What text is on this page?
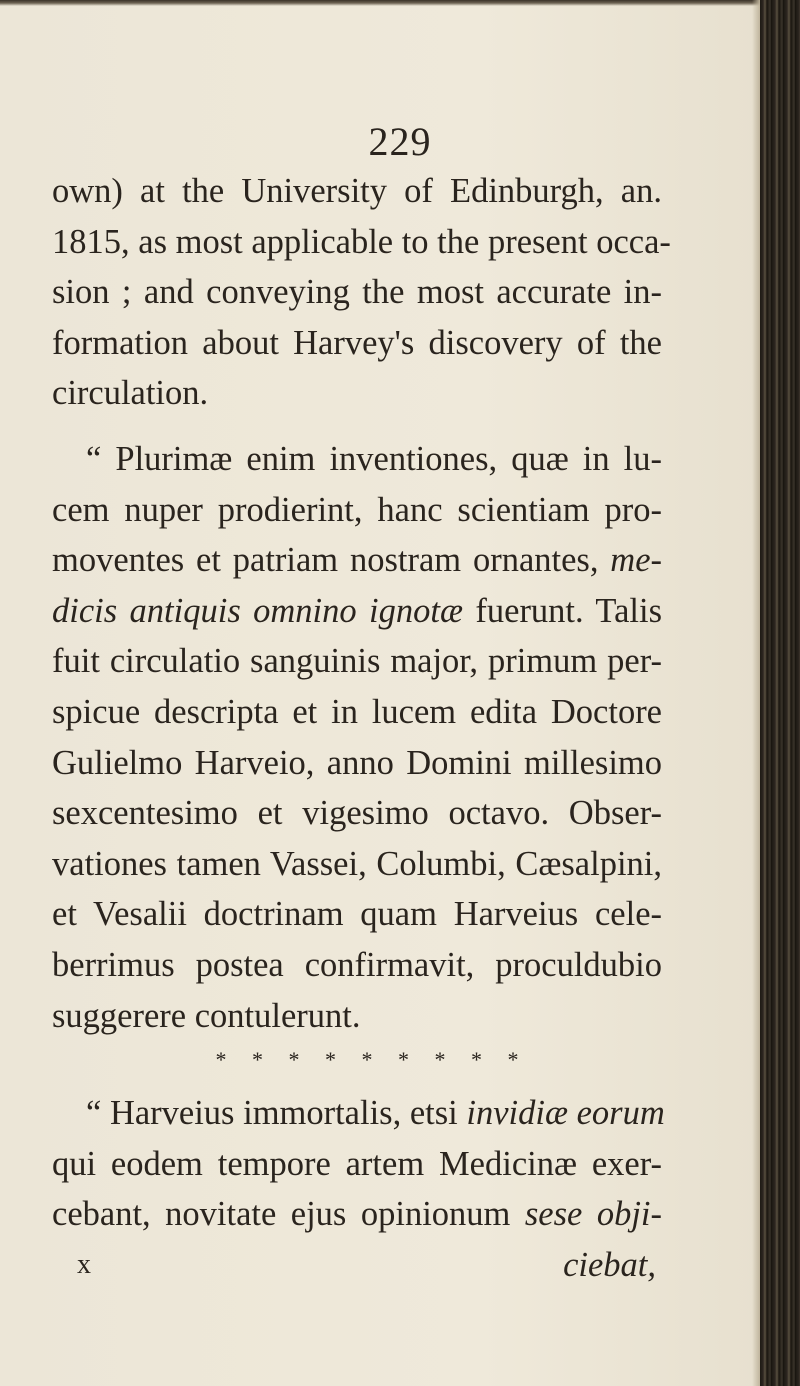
229
own) at the University of Edinburgh, an.
1815, as most applicable to the present occa-
sion ; and conveying the most accurate in-
formation about Harvey's discovery of the
circulation.
“ Plurimæ enim inventiones, quæ in lu-
cem nuper prodierint, hanc scientiam pro-
moventes et patriam nostram ornantes, me-
dicis antiquis omnino ignotæ fuerunt. Talis
fuit circulatio sanguinis major, primum per-
spicue descripta et in lucem edita Doctore
Gulielmo Harveio, anno Domini millesimo
sexcentesimo et vigesimo octavo. Obser-
vationes tamen Vassei, Columbi, Cæsalpini,
et Vesalii doctrinam quam Harveius cele-
berrimus postea confirmavit, proculdubio
suggerere contulerunt.
* * * * * * * * *
“ Harveius immortalis, etsi invidiæ eorum
qui eodem tempore artem Medicinæ exer-
cebant, novitate ejus opinionum sese obji-
x	ciebat,
